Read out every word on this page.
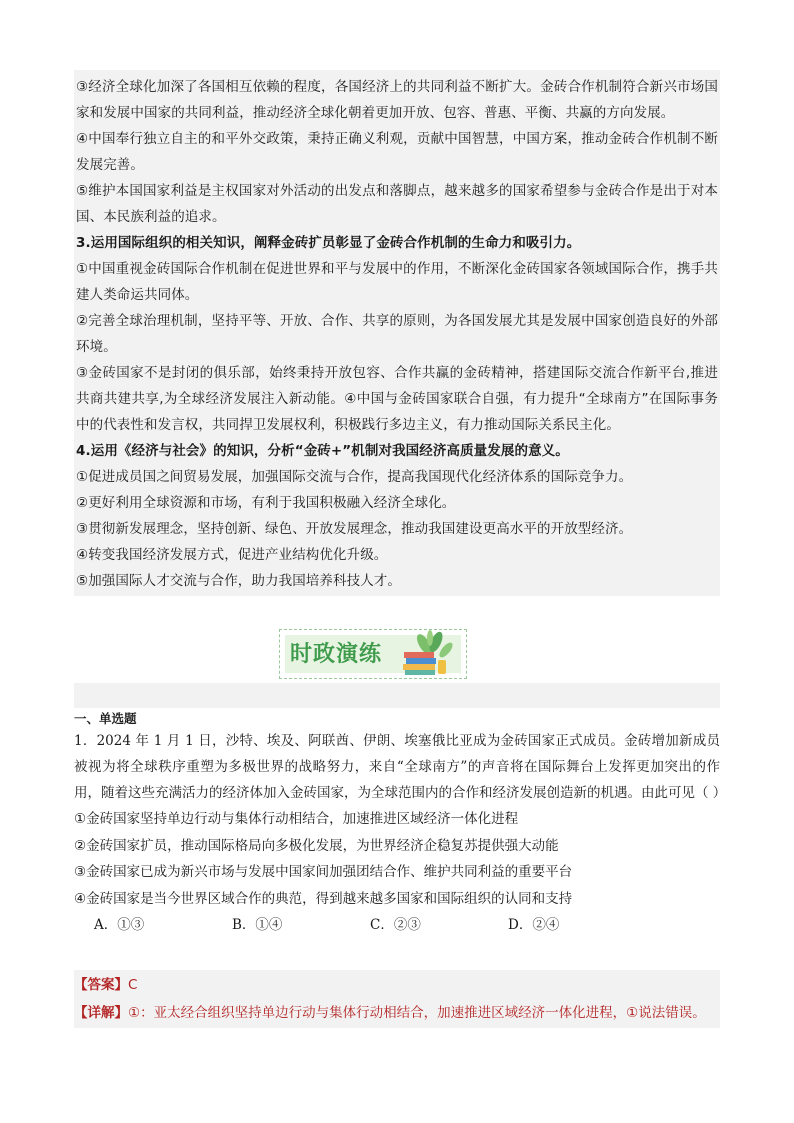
③经济全球化加深了各国相互依赖的程度，各国经济上的共同利益不断扩大。金砖合作机制符合新兴市场国家和发展中国家的共同利益，推动经济全球化朝着更加开放、包容、普惠、平衡、共赢的方向发展。

④中国奉行独立自主的和平外交政策，秉持正确义利观，贡献中国智慧，中国方案，推动金砖合作机制不断发展完善。

⑤维护本国国家利益是主权国家对外活动的出发点和落脚点，越来越多的国家希望参与金砖合作是出于对本国、本民族利益的追求。

3.运用国际组织的相关知识，阐释金砖扩员彰显了金砖合作机制的生命力和吸引力。

①中国重视金砖国际合作机制在促进世界和平与发展中的作用，不断深化金砖国家各领域国际合作，携手共建人类命运共同体。

②完善全球治理机制，坚持平等、开放、合作、共享的原则，为各国发展尤其是发展中国家创造良好的外部环境。

③金砖国家不是封闭的俱乐部，始终秉持开放包容、合作共赢的金砖精神，搭建国际交流合作新平台,推进共商共建共享,为全球经济发展注入新动能。④中国与金砖国家联合自强，有力提升“全球南方”在国际事务中的代表性和发言权，共同捍卫发展权利，积极践行多边主义，有力推动国际关系民主化。

4.运用《经济与社会》的知识，分析“金砖+”机制对我国经济高质量发展的意义。

①促进成员国之间贸易发展，加强国际交流与合作，提高我国现代化经济体系的国际竞争力。

②更好利用全球资源和市场，有利于我国积极融入经济全球化。

③贯彻新发展理念，坚持创新、绿色、开放发展理念，推动我国建设更高水平的开放型经济。

④转变我国经济发展方式，促进产业结构优化升级。

⑤加强国际人才交流与合作，助力我国培养科技人才。

时政演练

一、单选题

1．2024 年 1 月 1 日，沙特、埃及、阿联酋、伊朗、埃塞俄比亚成为金砖国家正式成员。金砖增加新成员被视为将全球秩序重塑为多极世界的战略努力，来自“全球南方”的声音将在国际舞台上发挥更加突出的作用，随着这些充满活力的经济体加入金砖国家，为全球范围内的合作和经济发展创造新的机遇。由此可见（ ）

①金砖国家坚持单边行动与集体行动相结合，加速推进区域经济一体化进程

②金砖国家扩员，推动国际格局向多极化发展，为世界经济企稳复苏提供强大动能

③金砖国家已成为新兴市场与发展中国家间加强团结合作、维护共同利益的重要平台

④金砖国家是当今世界区域合作的典范，得到越来越多国家和国际组织的认同和支持

A．①③	B．①④	C．②③	D．②④

【答案】C

【详解】①：亚太经合组织坚持单边行动与集体行动相结合，加速推进区域经济一体化进程，①说法错误。
